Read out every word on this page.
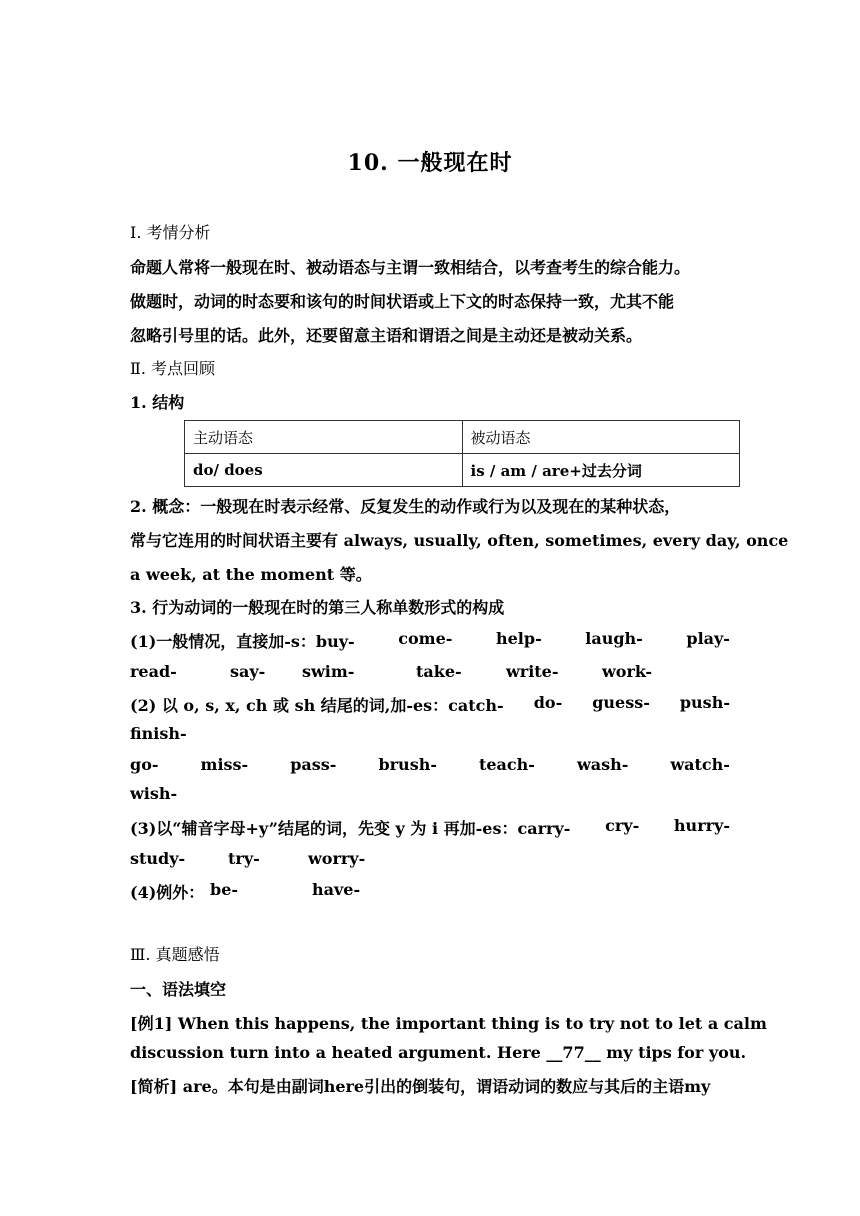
10. 一般现在时
Ⅰ. 考情分析
命题人常将一般现在时、被动语态与主谓一致相结合，以考查考生的综合能力。
做题时，动词的时态要和该句的时间状语或上下文的时态保持一致，尤其不能
忽略引号里的话。此外，还要留意主语和谓语之间是主动还是被动关系。
Ⅱ. 考点回顾
1. 结构
主动语态	被动语态
do/ does	is / am / are+过去分词
2. 概念：一般现在时表示经常、反复发生的动作或行为以及现在的某种状态，
常与它连用的时间状语主要有 always, usually, often, sometimes, every day, once
a week, at the moment 等。
3. 行为动词的一般现在时的第三人称单数形式的构成
(1)一般情况，直接加-s：buy-	come-	help-	laugh-	play-
read-	say- swim-	take-	write-	work-
(2) 以 o, s, x, ch 或 sh 结尾的词,加-es：catch- do- guess- push-
finish-
go-	miss-	pass-	brush-	teach-	wash-	watch-
wish-
(3)以“辅音字母+y”结尾的词，先变 y 为 i 再加-es：carry- cry- hurry-
study-	try-	worry-
(4)例外： be-	have-
Ⅲ. 真题感悟
一、语法填空
[例1] When this happens, the important thing is to try not to let a calm
discussion turn into a heated argument. Here __77__ my tips for you.
[简析] are。本句是由副词here引出的倒装句，谓语动词的数应与其后的主语my
